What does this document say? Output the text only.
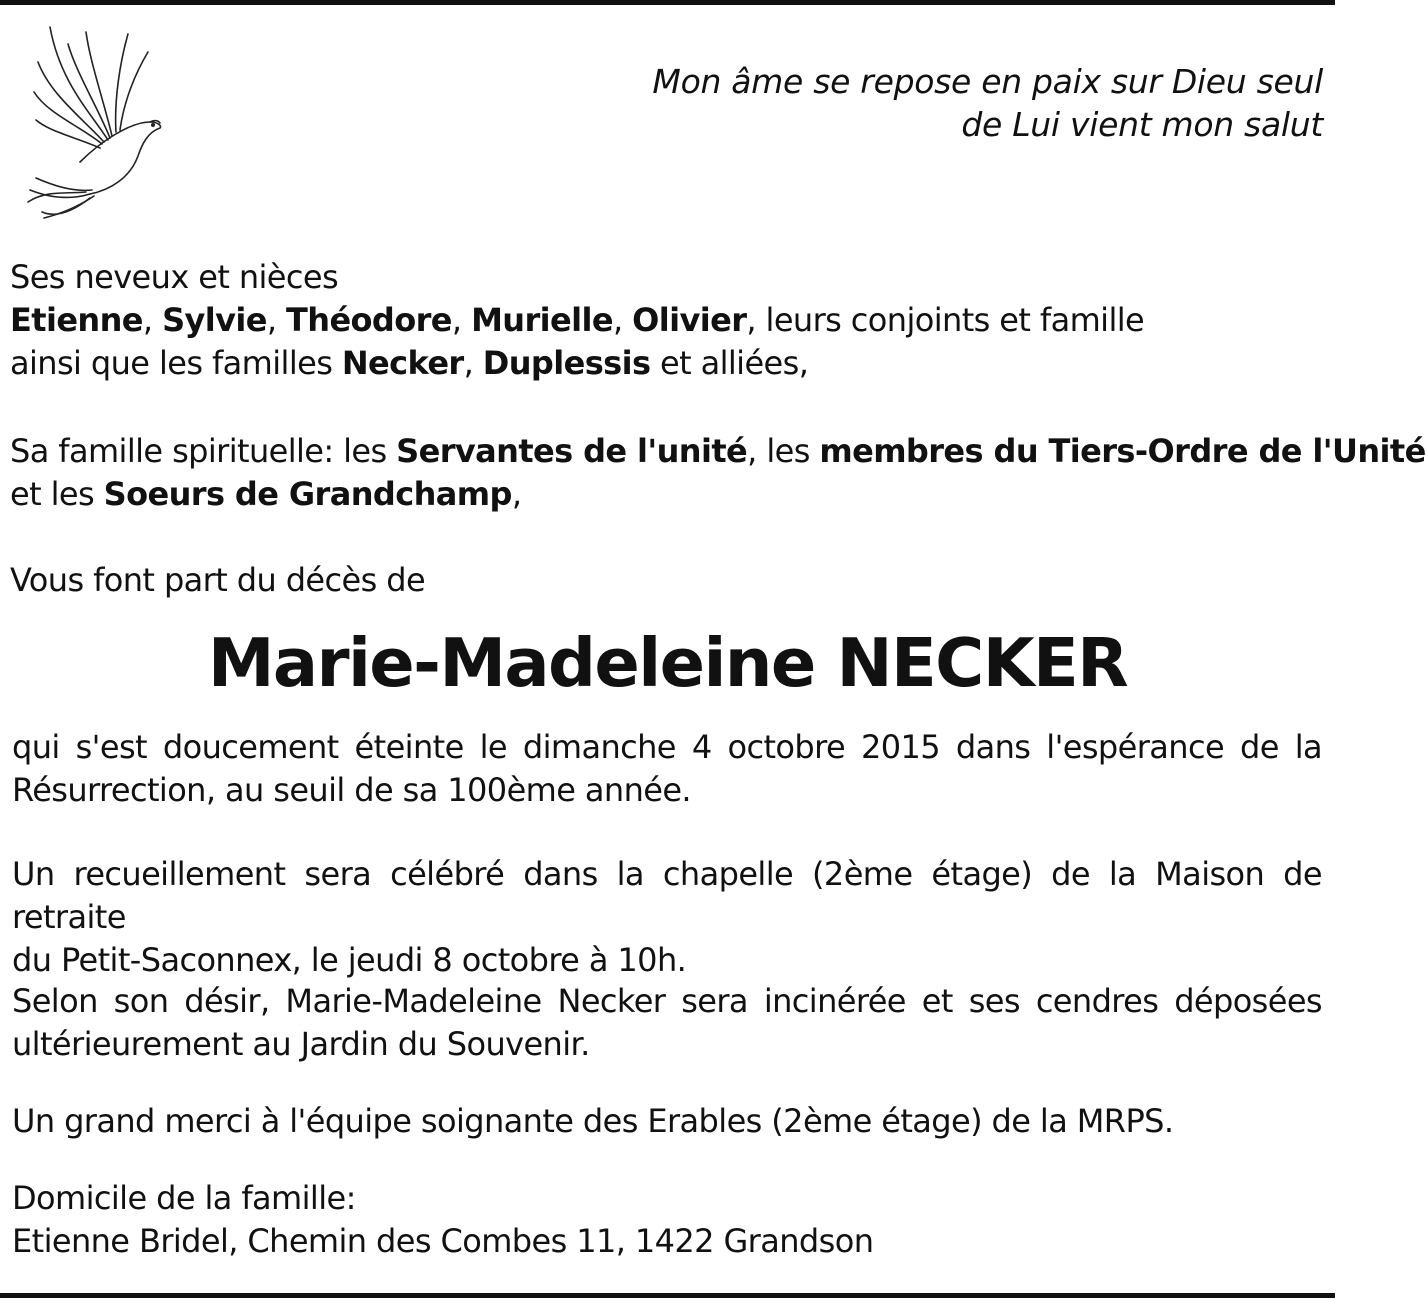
Mon âme se repose en paix sur Dieu seul
de Lui vient mon salut
Ses neveux et nièces
Etienne, Sylvie, Théodore, Murielle, Olivier, leurs conjoints et famille
ainsi que les familles Necker, Duplessis et alliées,
Sa famille spirituelle: les Servantes de l'unité, les membres du Tiers-Ordre de l'Unité
et les Soeurs de Grandchamp,
Vous font part du décès de
Marie-Madeleine NECKER
qui s'est doucement éteinte le dimanche 4 octobre 2015 dans l'espérance de la
Résurrection, au seuil de sa 100ème année.
Un recueillement sera célébré dans la chapelle (2ème étage) de la Maison de retraite
du Petit-Saconnex, le jeudi 8 octobre à 10h.
Selon son désir, Marie-Madeleine Necker sera incinérée et ses cendres déposées
ultérieurement au Jardin du Souvenir.
Un grand merci à l'équipe soignante des Erables (2ème étage) de la MRPS.
Domicile de la famille:
Etienne Bridel, Chemin des Combes 11, 1422 Grandson
